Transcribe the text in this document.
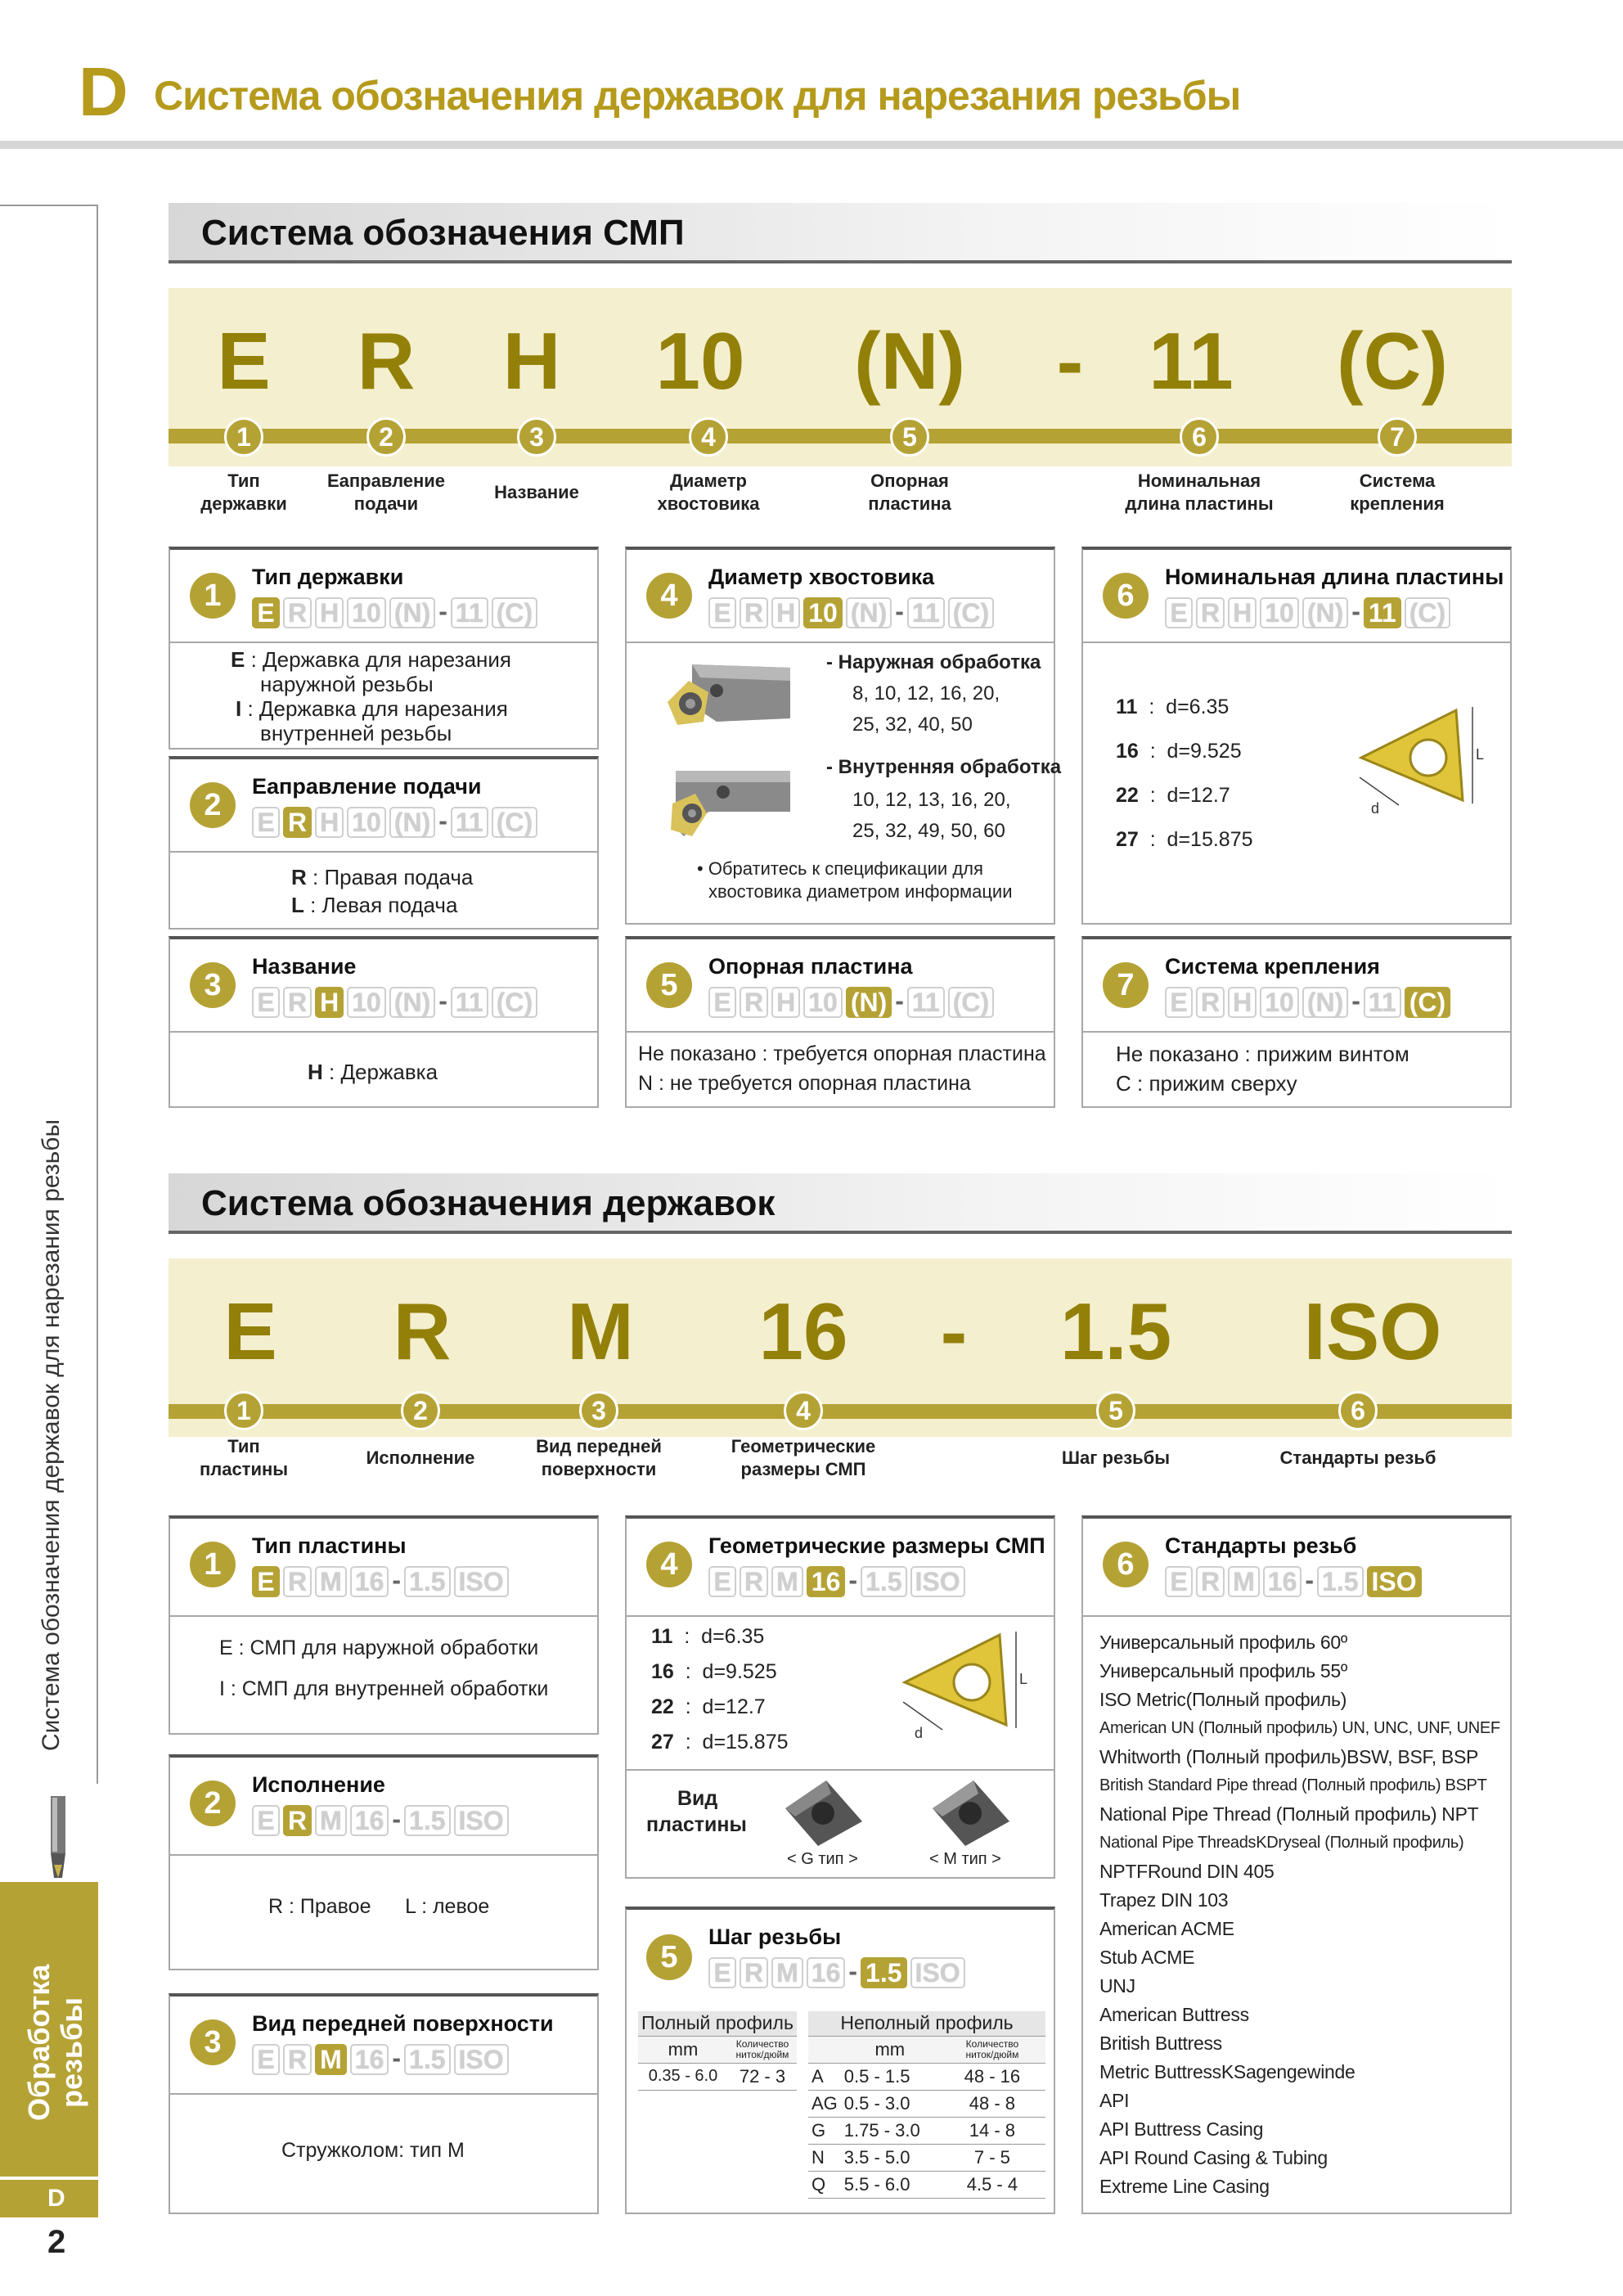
D Система обозначения державок для нарезания резьбы
Система обозначения державок для нарезания резьбы
Обработка резьбы
D
2
Система обозначения СМП
E R H 10 (N) - 11 (C)
1	2	3	4	5	6	7
Тип
державки
Еаправление
подачи
Название
Диаметр
хвостовика
Опорная
пластина
Номинальная
длина пластины
Система
крепления
1
Тип державки
E R H 10 (N) - 11 (C)
E : Державка для нарезания
наружной резьбы
I : Державка для нарезания
внутренней резьбы
2
Еаправление подачи
E R H 10 (N) - 11 (C)
R : Правая подача
L : Левая подача
3
Название
E R H 10 (N) - 11 (C)
H : Державка
4
Диаметр хвостовика
E R H 10 (N) - 11 (C)
- Наружная обработка
8, 10, 12, 16, 20,
25, 32, 40, 50
- Внутренняя обработка
10, 12, 13, 16, 20,
25, 32, 49, 50, 60
• Обратитесь к спецификации для
хвостовика диаметром информации
5
Опорная пластина
E R H 10 (N) - 11 (C)
Не показано : требуется опорная пластина
N : не требуется опорная пластина
6
Номинальная длина пластины
E R H 10 (N) - 11 (C)
11  :  d=6.35
16  :  d=9.525
22  :  d=12.7
27  :  d=15.875
L
d
7
Система крепления
E R H 10 (N) - 11 (C)
Не показано : прижим винтом
C : прижим сверху
Система обозначения державок
E R M 16 - 1.5 ISO
1	2	3	4	5	6
Тип
пластины
Исполнение
Вид передней
поверхности
Геометрические
размеры СМП
Шаг резьбы	Стандарты резьб
1
Тип пластины
E R M 16 - 1.5 ISO
E : СМП для наружной обработки
I : СМП для внутренней обработки
2
Исполнение
E R M 16 - 1.5 ISO
R : Правое      L : левое
3
Вид передней поверхности
E R M 16 - 1.5 ISO
Стружколом: тип M
4
Геометрические размеры СМП
E R M 16 - 1.5 ISO
11  :  d=6.35
16  :  d=9.525
22  :  d=12.7
27  :  d=15.875
L
d
Вид
пластины
< G тип >	< M тип >
5
Шаг резьбы
E R M 16 - 1.5 ISO
Полный профиль	
mm	Количество
ниток/дюйм
0.35 - 6.0	72 - 3
Неполный профиль		
	mm	Количество
ниток/дюйм
A	0.5 - 1.5	48 - 16
AG	0.5 - 3.0	48 - 8
G	1.75 - 3.0	14 - 8
N	3.5 - 5.0	7 - 5
Q	5.5 - 6.0	4.5 - 4
6
Стандарты резьб
E R M 16 - 1.5 ISO
Универсальный профиль 60º
Универсальный профиль 55º
ISO Metric(Полный профиль)
American UN (Полный профиль) UN, UNC, UNF, UNEF
Whitworth (Полный профиль)BSW, BSF, BSP
British Standard Pipe thread (Полный профиль) BSPT
National Pipe Thread (Полный профиль) NPT
National Pipe ThreadsKDryseal (Полный профиль)
NPTFRound DIN 405
Trapez DIN 103
American ACME
Stub ACME
UNJ
American Buttress
British Buttress
Metric ButtressKSagengewinde
API
API Buttress Casing
API Round Casing & Tubing
Extreme Line Casing
